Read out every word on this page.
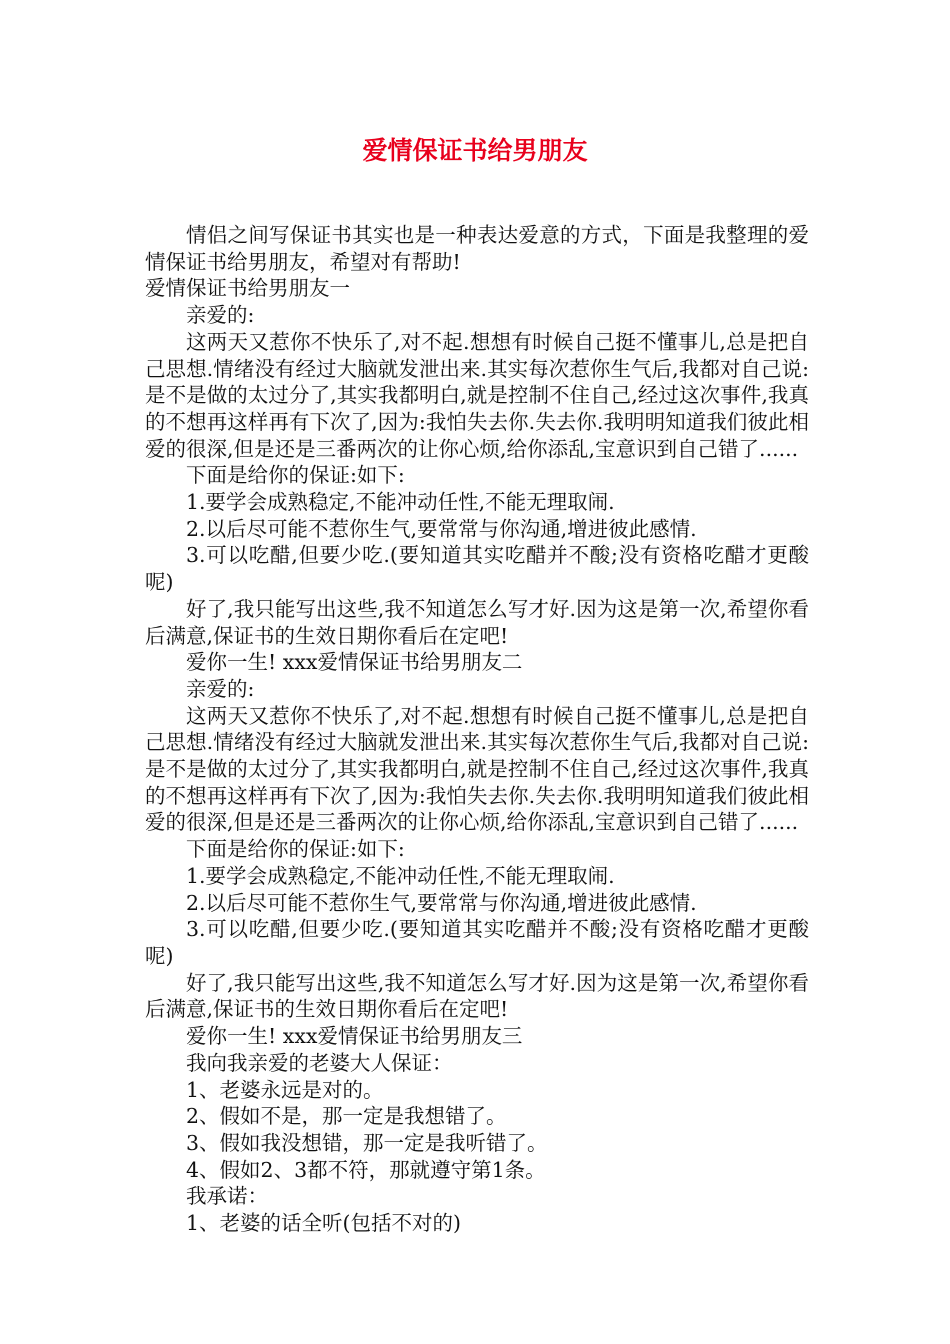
爱情保证书给男朋友

情侣之间写保证书其实也是一种表达爱意的方式，下面是我整理的爱情保证书给男朋友，希望对有帮助!

爱情保证书给男朋友一

亲爱的:

这两天又惹你不快乐了,对不起.想想有时候自己挺不懂事儿,总是把自己思想.情绪没有经过大脑就发泄出来.其实每次惹你生气后,我都对自己说:是不是做的太过分了,其实我都明白,就是控制不住自己,经过这次事件,我真的不想再这样再有下次了,因为:我怕失去你.失去你.我明明知道我们彼此相爱的很深,但是还是三番两次的让你心烦,给你添乱,宝意识到自己错了......

下面是给你的保证:如下:

1.要学会成熟稳定,不能冲动任性,不能无理取闹.

2.以后尽可能不惹你生气,要常常与你沟通,增进彼此感情.

3.可以吃醋,但要少吃.(要知道其实吃醋并不酸;没有资格吃醋才更酸呢)

好了,我只能写出这些,我不知道怎么写才好.因为这是第一次,希望你看后满意,保证书的生效日期你看后在定吧!

爱你一生! xxx爱情保证书给男朋友二

亲爱的:

这两天又惹你不快乐了,对不起.想想有时候自己挺不懂事儿,总是把自己思想.情绪没有经过大脑就发泄出来.其实每次惹你生气后,我都对自己说:是不是做的太过分了,其实我都明白,就是控制不住自己,经过这次事件,我真的不想再这样再有下次了,因为:我怕失去你.失去你.我明明知道我们彼此相爱的很深,但是还是三番两次的让你心烦,给你添乱,宝意识到自己错了......

下面是给你的保证:如下:

1.要学会成熟稳定,不能冲动任性,不能无理取闹.

2.以后尽可能不惹你生气,要常常与你沟通,增进彼此感情.

3.可以吃醋,但要少吃.(要知道其实吃醋并不酸;没有资格吃醋才更酸呢)

好了,我只能写出这些,我不知道怎么写才好.因为这是第一次,希望你看后满意,保证书的生效日期你看后在定吧!

爱你一生! xxx爱情保证书给男朋友三

我向我亲爱的老婆大人保证：

1、老婆永远是对的。

2、假如不是，那一定是我想错了。

3、假如我没想错，那一定是我听错了。

4、假如2、3都不符，那就遵守第1条。

我承诺：

1、老婆的话全听(包括不对的)
